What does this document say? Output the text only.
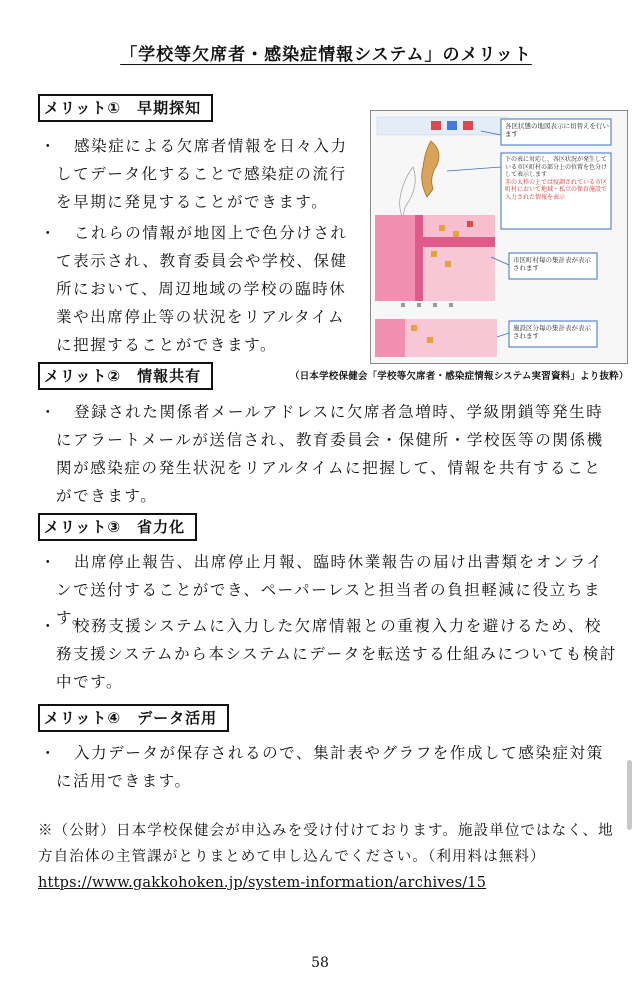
「学校等欠席者・感染症情報システム」のメリット
メリット①　早期探知
・	感染症による欠席者情報を日々入力してデータ化することで感染症の流行を早期に発見することができます。
・	これらの情報が地図上で色分けされて表示され、教育委員会や学校、保健所において、周辺地域の学校の臨時休業や出席停止等の状況をリアルタイムに把握することができます。
各区状態の地図表示に切替えを行います
下の表に対応し、各区状況が発生している市区町村の部分上の位置を色分けして表示します
赤の太枠の上では疫調されている市区町村において地域・私立の保育施設で入力された情報を表示
市区町村毎の集計表が表示されます
施設区分毎の集計表が表示されます
（日本学校保健会「学校等欠席者・感染症情報システム実習資料」より抜粋）
メリット②　情報共有
・	登録された関係者メールアドレスに欠席者急増時、学級閉鎖等発生時にアラートメールが送信され、教育委員会・保健所・学校医等の関係機関が感染症の発生状況をリアルタイムに把握して、情報を共有することができます。
メリット③　省力化
・	出席停止報告、出席停止月報、臨時休業報告の届け出書類をオンラインで送付することができ、ペーパーレスと担当者の負担軽減に役立ちます。
・	校務支援システムに入力した欠席情報との重複入力を避けるため、校務支援システムから本システムにデータを転送する仕組みについても検討中です。
メリット④　データ活用
・	入力データが保存されるので、集計表やグラフを作成して感染症対策に活用できます。
※（公財）日本学校保健会が申込みを受け付けております。施設単位ではなく、地方自治体の主管課がとりまとめて申し込んでください。（利用料は無料）
https://www.gakkohoken.jp/system-information/archives/15
58
